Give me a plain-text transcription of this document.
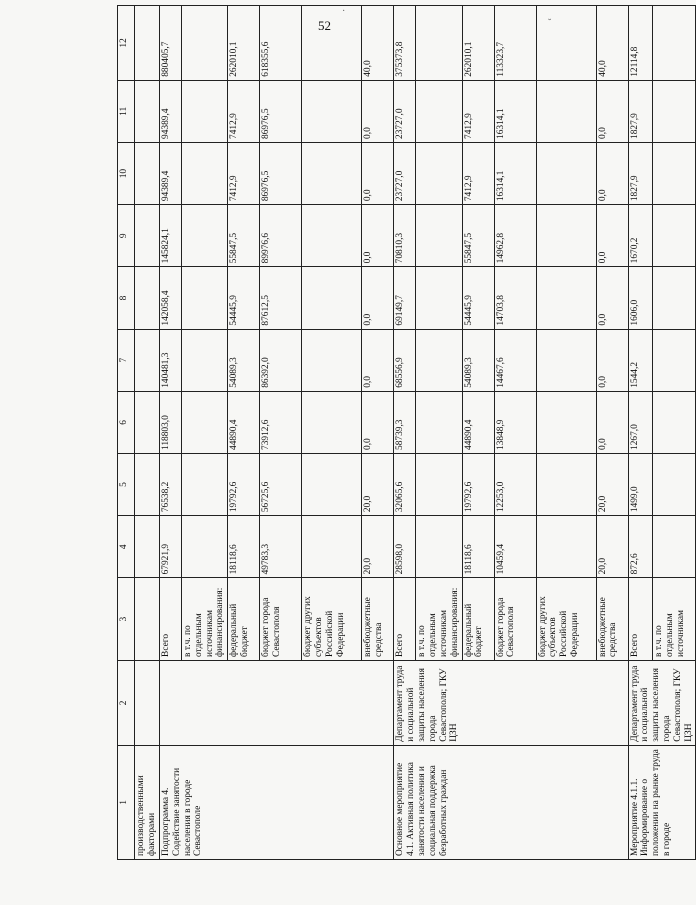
52	˘
·
1	2	3	4	5	6	7	8	9	10	11	12
производственными факторами											
Подпрограмма 4. Содействие занятости населения в городе Севастополе		Всего	67921,9	76538,2	118803,0	140481,3	142058,4	145824,1	94389,4	94389,4	880405,7
		в т.ч. по отдельным источникам финансирования:									
		федеральный бюджет	18118,6	19792,6	44890,4	54089,3	54445,9	55847,5	7412,9	7412,9	262010,1
		бюджет города Севастополя	49783,3	56725,6	73912,6	86392,0	87612,5	89976,6	86976,5	86976,5	618355,6
		бюджет других субъектов Российской Федерации									
		внебюджетные средства	20,0	20,0	0,0	0,0	0,0	0,0	0,0	0,0	40,0
Основное мероприятие 4.1. Активная политика занятости населения и социальная поддержка безработных граждан	Департамент труда и социальной защиты населения города Севастополя; ГКУ ЦЗН	Всего	28598,0	32065,6	58739,3	68556,9	69149,7	70810,3	23727,0	23727,0	375373,8
		в т.ч. по отдельным источникам финансирования:									
		федеральный бюджет	18118,6	19792,6	44890,4	54089,3	54445,9	55847,5	7412,9	7412,9	262010,1
		бюджет города Севастополя	10459,4	12253,0	13848,9	14467,6	14703,8	14962,8	16314,1	16314,1	113323,7
		бюджет других субъектов Российской Федерации									
		внебюджетные средства	20,0	20,0	0,0	0,0	0,0	0,0	0,0	0,0	40,0
Мероприятие 4.1.1. Информирование о положении на рынке труда в городе	Департамент труда и социальной защиты населения города Севастополя; ГКУ ЦЗН	Всего	872,6	1499,0	1267,0	1544,2	1606,0	1670,2	1827,9	1827,9	12114,8
		в т.ч. по отдельным источникам									
